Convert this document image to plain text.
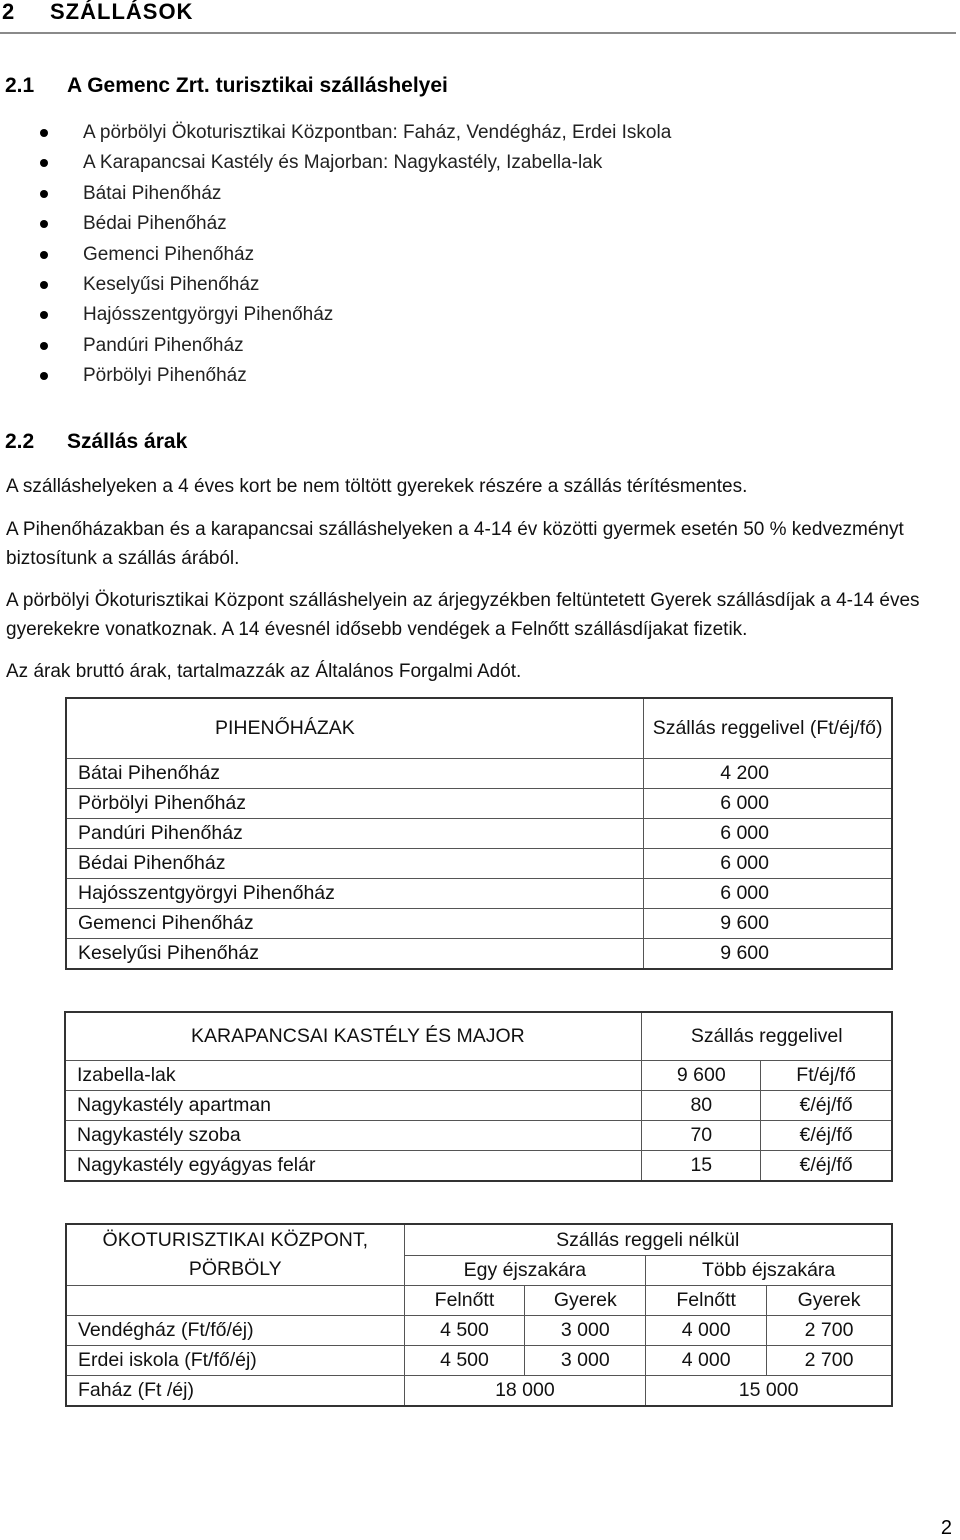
2 SZÁLLÁSOK
2.1 A Gemenc Zrt. turisztikai szálláshelyei
A pörbölyi Ökoturisztikai Központban: Faház, Vendégház, Erdei Iskola
A Karapancsai Kastély és Majorban: Nagykastély, Izabella-lak
Bátai Pihenőház
Bédai Pihenőház
Gemenci Pihenőház
Keselyűsi Pihenőház
Hajósszentgyörgyi Pihenőház
Pandúri Pihenőház
Pörbölyi Pihenőház
2.2 Szállás árak
A szálláshelyeken a 4 éves kort be nem töltött gyerekek részére a szállás térítésmentes.
A Pihenőházakban és a karapancsai szálláshelyeken a 4-14 év közötti gyermek esetén 50 % kedvezményt biztosítunk a szállás árából.
A pörbölyi Ökoturisztikai Központ szálláshelyein az árjegyzékben feltüntetett Gyerek szállásdíjak a 4-14 éves gyerekekre vonatkoznak. A 14 évesnél idősebb vendégek a Felnőtt szállásdíjakat fizetik.
Az árak bruttó árak, tartalmazzák az Általános Forgalmi Adót.
PIHENŐHÁZAK	Szállás reggelivel (Ft/éj/fő)
Bátai Pihenőház	4 200
Pörbölyi Pihenőház	6 000
Pandúri Pihenőház	6 000
Bédai Pihenőház	6 000
Hajósszentgyörgyi Pihenőház	6 000
Gemenci Pihenőház	9 600
Keselyűsi Pihenőház	9 600
KARAPANCSAI KASTÉLY ÉS MAJOR	Szállás reggelivel	
Izabella-lak	9 600	Ft/éj/fő
Nagykastély apartman	80	€/éj/fő
Nagykastély szoba	70	€/éj/fő
Nagykastély egyágyas felár	15	€/éj/fő
ÖKOTURISZTIKAI KÖZPONT, PÖRBÖLY	Szállás reggeli nélkül			
	Egy éjszakára		Több éjszakára	
	Felnőtt	Gyerek	Felnőtt	Gyerek
Vendégház (Ft/fő/éj)	4 500	3 000	4 000	2 700
Erdei iskola (Ft/fő/éj)	4 500	3 000	4 000	2 700
Faház (Ft /éj)	18 000		15 000	
2
